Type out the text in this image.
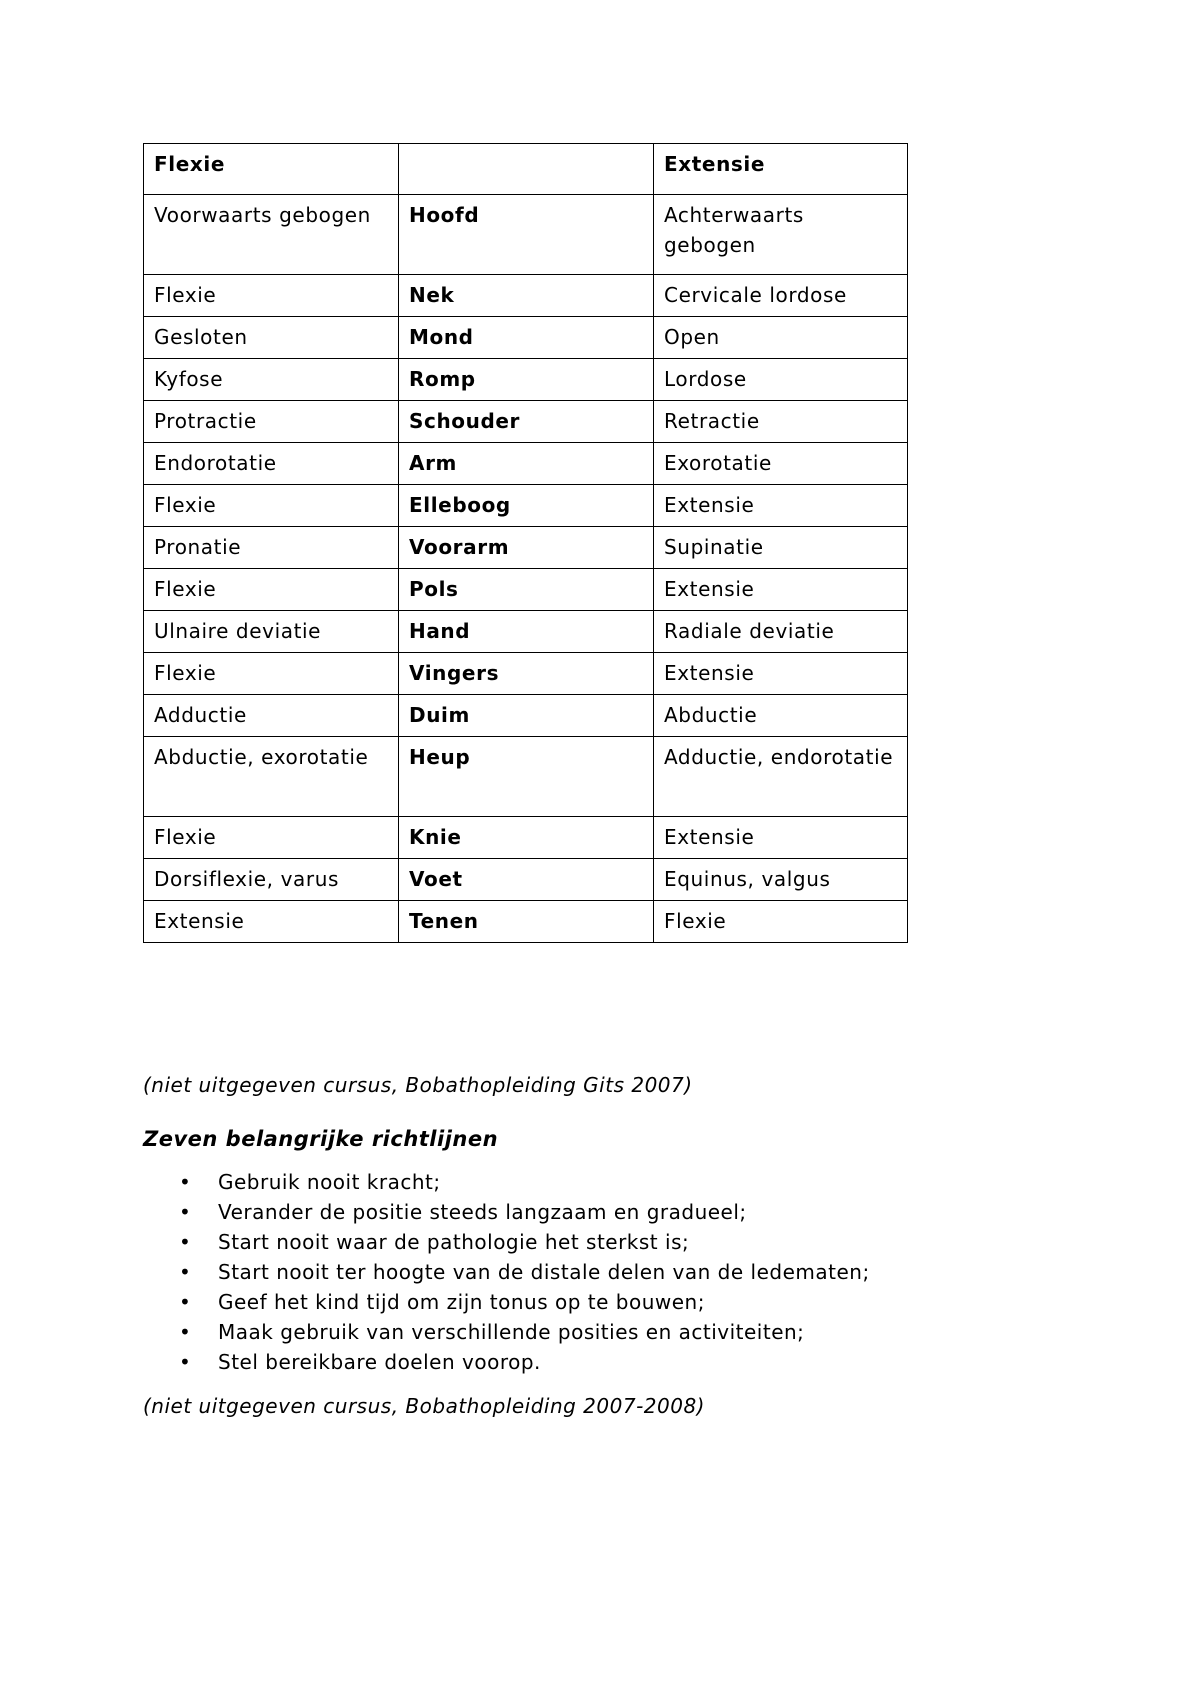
Flexie		Extensie
Voorwaarts gebogen	Hoofd	Achterwaarts gebogen
Flexie	Nek	Cervicale lordose
Gesloten	Mond	Open
Kyfose	Romp	Lordose
Protractie	Schouder	Retractie
Endorotatie	Arm	Exorotatie
Flexie	Elleboog	Extensie
Pronatie	Voorarm	Supinatie
Flexie	Pols	Extensie
Ulnaire deviatie	Hand	Radiale deviatie
Flexie	Vingers	Extensie
Adductie	Duim	Abductie
Abductie, exorotatie	Heup	Adductie, endorotatie
Flexie	Knie	Extensie
Dorsiflexie, varus	Voet	Equinus, valgus
Extensie	Tenen	Flexie
(niet uitgegeven cursus, Bobathopleiding Gits 2007)
Zeven belangrijke richtlijnen
• Gebruik nooit kracht;
• Verander de positie steeds langzaam en gradueel;
• Start nooit waar de pathologie het sterkst is;
• Start nooit ter hoogte van de distale delen van de ledematen;
• Geef het kind tijd om zijn tonus op te bouwen;
• Maak gebruik van verschillende posities en activiteiten;
• Stel bereikbare doelen voorop.
(niet uitgegeven cursus, Bobathopleiding 2007-2008)
